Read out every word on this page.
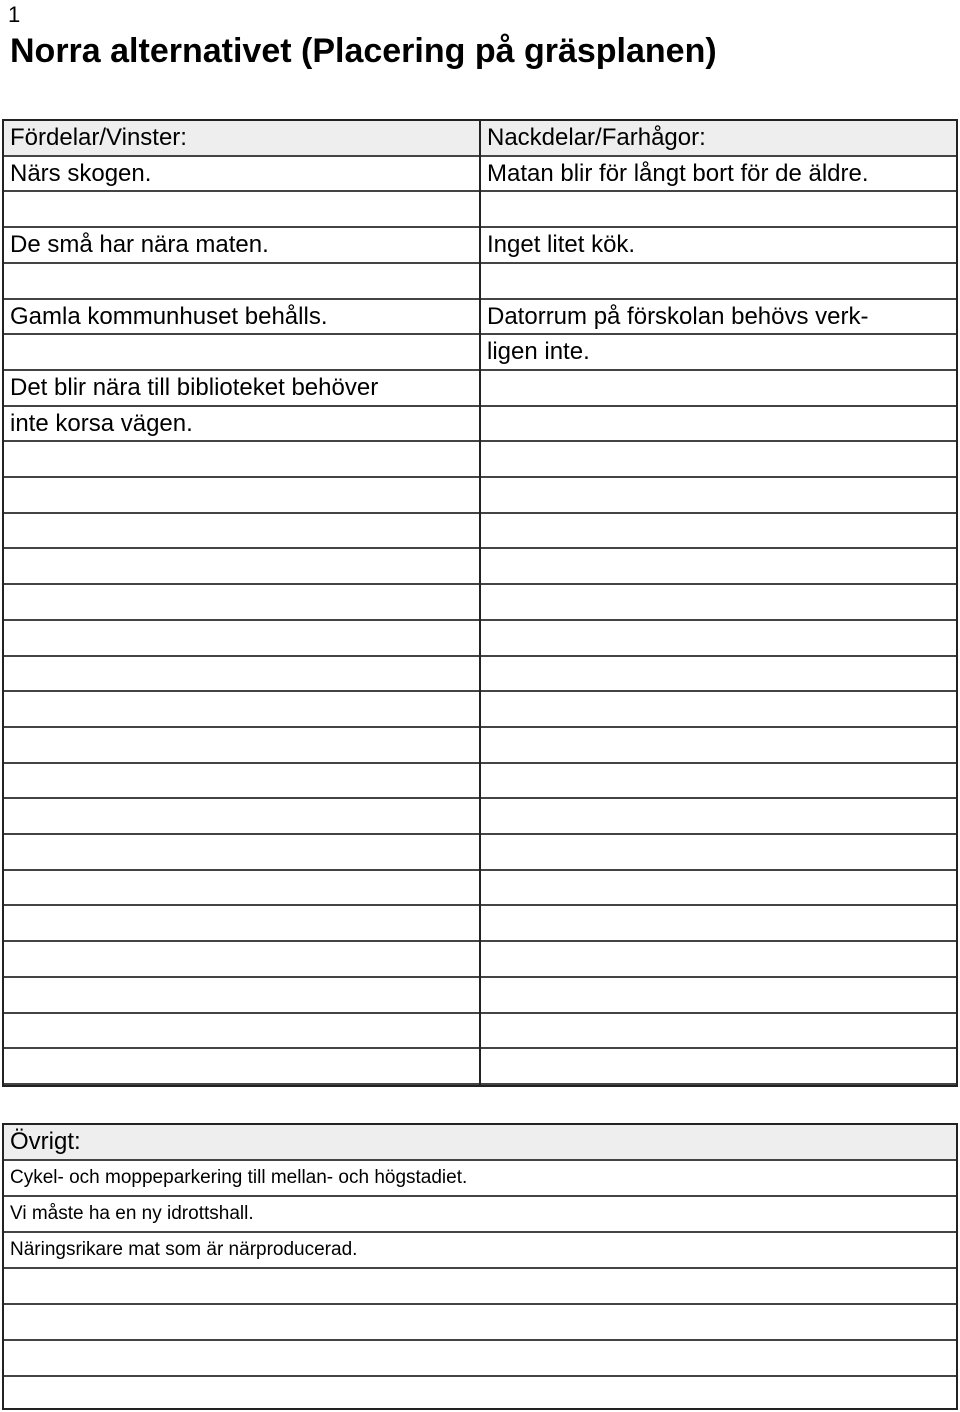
1
Norra alternativet (Placering på gräsplanen)
Fördelar/Vinster:
Närs skogen.
De små har nära maten.
Gamla kommunhuset behålls.
Det blir nära till biblioteket behöver
inte korsa vägen.
Nackdelar/Farhågor:
Matan blir för långt bort för de äldre.
Inget litet kök.
Datorrum på förskolan behövs verk-
ligen inte.
Övrigt:
Cykel- och moppeparkering till mellan- och högstadiet.
Vi måste ha en ny idrottshall.
Näringsrikare mat som är närproducerad.
